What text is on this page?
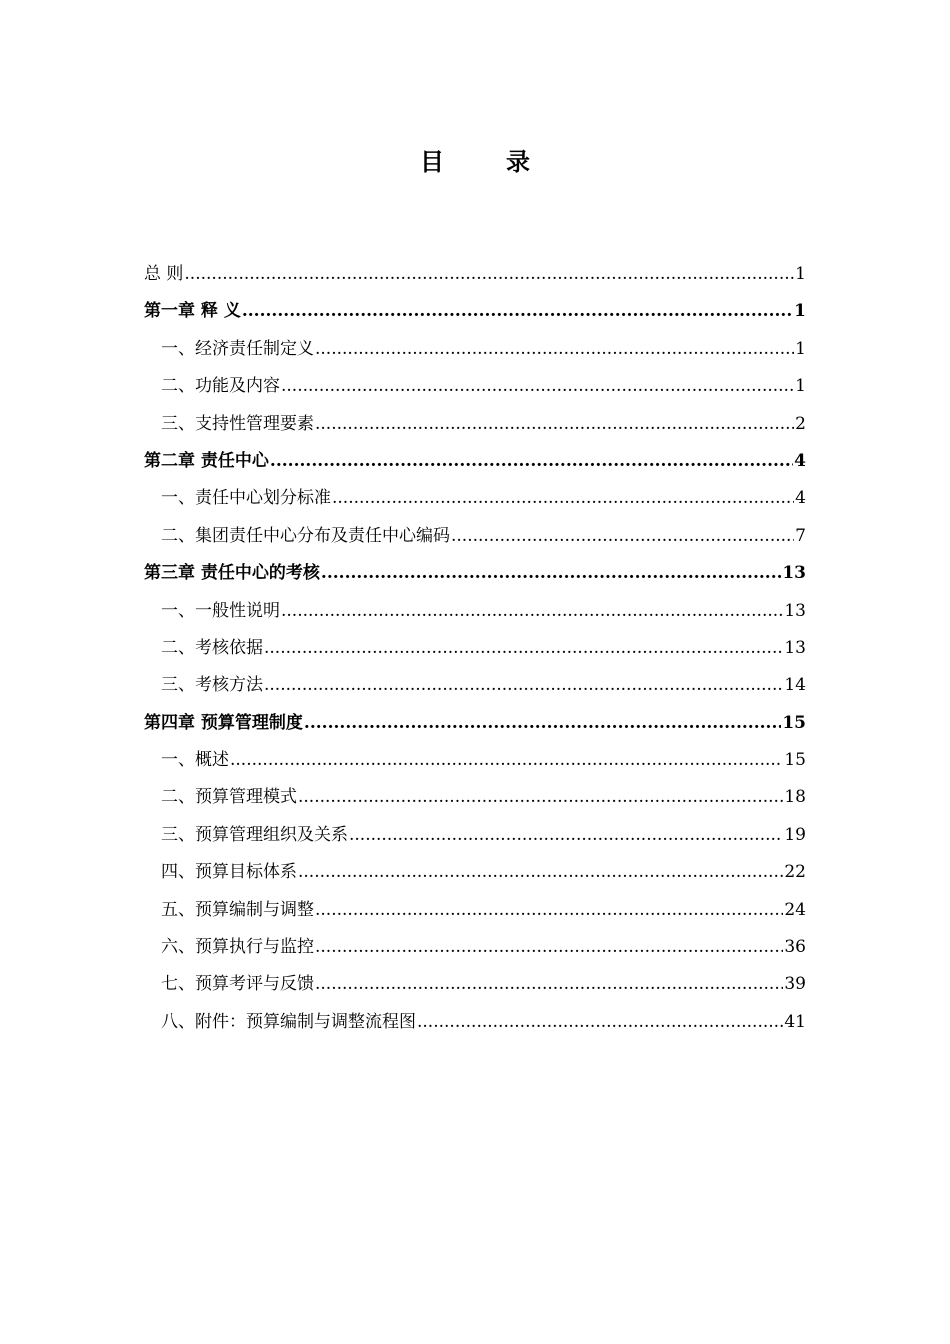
目录
总 则 .....	1
第一章 释 义 .....	1
一、经济责任制定义 .....	1
二、功能及内容 .....	1
三、支持性管理要素 .....	2
第二章 责任中心 .....	4
一、责任中心划分标准 .....	4
二、集团责任中心分布及责任中心编码 .....	7
第三章 责任中心的考核 .....	13
一、一般性说明 .....	13
二、考核依据 .....	13
三、考核方法 .....	14
第四章 预算管理制度 .....	15
一、概述 .....	15
二、预算管理模式 .....	18
三、预算管理组织及关系 .....	19
四、预算目标体系 .....	22
五、预算编制与调整 .....	24
六、预算执行与监控 .....	36
七、预算考评与反馈 .....	39
八、附件：预算编制与调整流程图 .....	41
